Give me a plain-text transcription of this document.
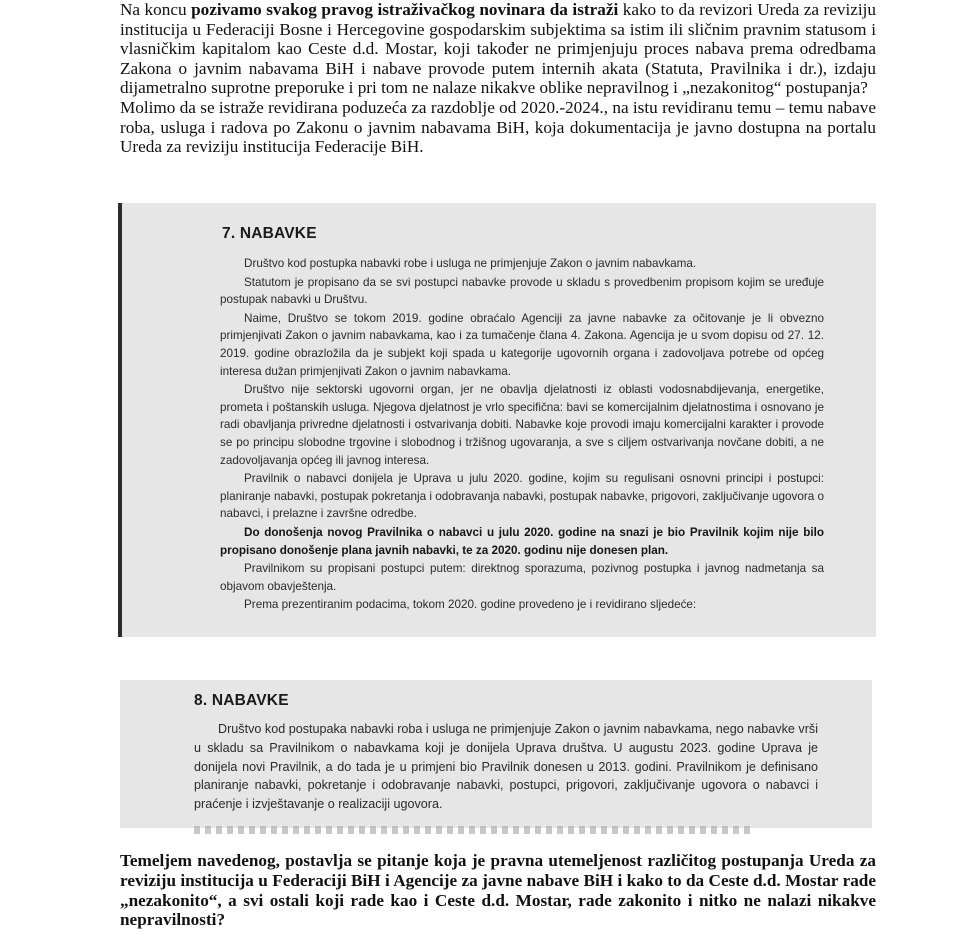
Na koncu pozivamo svakog pravog istraživačkog novinara da istraži kako to da revizori Ureda za reviziju institucija u Federaciji Bosne i Hercegovine gospodarskim subjektima sa istim ili sličnim pravnim statusom i vlasničkim kapitalom kao Ceste d.d. Mostar, koji također ne primjenjuju proces nabava prema odredbama Zakona o javnim nabavama BiH i nabave provode putem internih akata (Statuta, Pravilnika i dr.), izdaju dijametralno suprotne preporuke i pri tom ne nalaze nikakve oblike nepravilnog i „nezakonitog“ postupanja?

Molimo da se istraže revidirana poduzeća za razdoblje od 2020.-2024., na istu revidiranu temu – temu nabave roba, usluga i radova po Zakonu o javnim nabavama BiH, koja dokumentacija je javno dostupna na portalu Ureda za reviziju institucija Federacije BiH.

7. NABAVKE

Društvo kod postupka nabavki robe i usluga ne primjenjuje Zakon o javnim nabavkama.

Statutom je propisano da se svi postupci nabavke provode u skladu s provedbenim propisom kojim se uređuje postupak nabavki u Društvu.

Naime, Društvo se tokom 2019. godine obraćalo Agenciji za javne nabavke za očitovanje je li obvezno primjenjivati Zakon o javnim nabavkama, kao i za tumačenje člana 4. Zakona. Agencija je u svom dopisu od 27. 12. 2019. godine obrazložila da je subjekt koji spada u kategorije ugovornih organa i zadovoljava potrebe od općeg interesa dužan primjenjivati Zakon o javnim nabavkama.

Društvo nije sektorski ugovorni organ, jer ne obavlja djelatnosti iz oblasti vodosnabdijevanja, energetike, prometa i poštanskih usluga. Njegova djelatnost je vrlo specifična: bavi se komercijalnim djelatnostima i osnovano je radi obavljanja privredne djelatnosti i ostvarivanja dobiti. Nabavke koje provodi imaju komercijalni karakter i provode se po principu slobodne trgovine i slobodnog i tržišnog ugovaranja, a sve s ciljem ostvarivanja novčane dobiti, a ne zadovoljavanja općeg ili javnog interesa.

Pravilnik o nabavci donijela je Uprava u julu 2020. godine, kojim su regulisani osnovni principi i postupci: planiranje nabavki, postupak pokretanja i odobravanja nabavki, postupak nabavke, prigovori, zaključivanje ugovora o nabavci, i prelazne i završne odredbe.

Do donošenja novog Pravilnika o nabavci u julu 2020. godine na snazi je bio Pravilnik kojim nije bilo propisano donošenje plana javnih nabavki, te za 2020. godinu nije donesen plan.

Pravilnikom su propisani postupci putem: direktnog sporazuma, pozivnog postupka i javnog nadmetanja sa objavom obavještenja.

Prema prezentiranim podacima, tokom 2020. godine provedeno je i revidirano sljedeće:

8. NABAVKE

Društvo kod postupaka nabavki roba i usluga ne primjenjuje Zakon o javnim nabavkama, nego nabavke vrši u skladu sa Pravilnikom o nabavkama koji je donijela Uprava društva. U augustu 2023. godine Uprava je donijela novi Pravilnik, a do tada je u primjeni bio Pravilnik donesen u 2013. godini. Pravilnikom je definisano planiranje nabavki, pokretanje i odobravanje nabavki, postupci, prigovori, zaključivanje ugovora o nabavci i praćenje i izvještavanje o realizaciji ugovora.

Temeljem navedenog, postavlja se pitanje koja je pravna utemeljenost različitog postupanja Ureda za reviziju institucija u Federaciji BiH i Agencije za javne nabave BiH i kako to da Ceste d.d. Mostar rade „nezakonito“, a svi ostali koji rade kao i Ceste d.d. Mostar, rade zakonito i nitko ne nalazi nikakve nepravilnosti?
